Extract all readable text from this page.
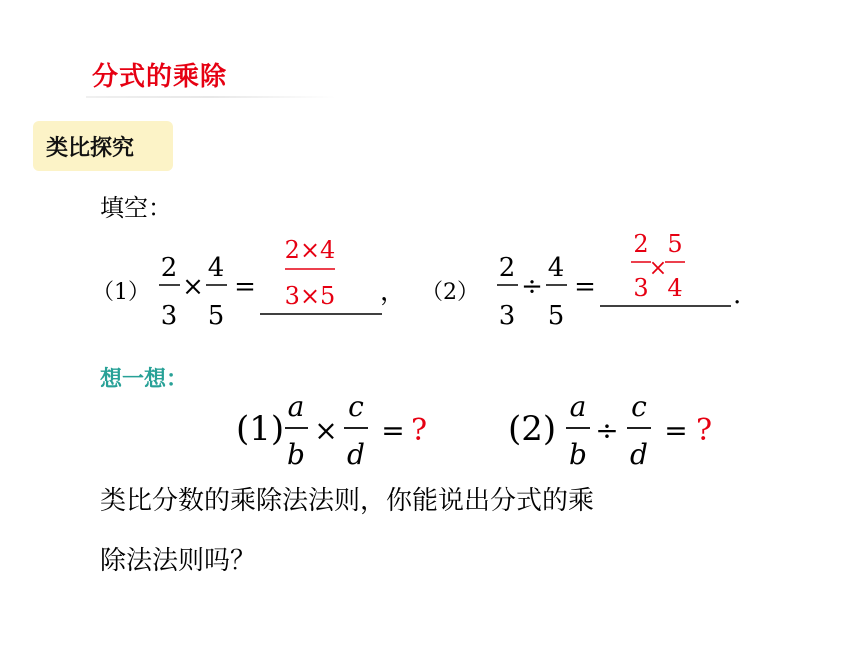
分式的乘除
类比探究
填空：
（1）
2
3
×
4
5
=
2×4
3×5 ， （2）
2
3
÷
4
5
=
2
3
×
5
4 .
想一想：
(1)
a
b
×
c
d
= ? (2)
a
b
÷
c
d
= ?
类比分数的乘除法法则，你能说出分式的乘
除法法则吗？
